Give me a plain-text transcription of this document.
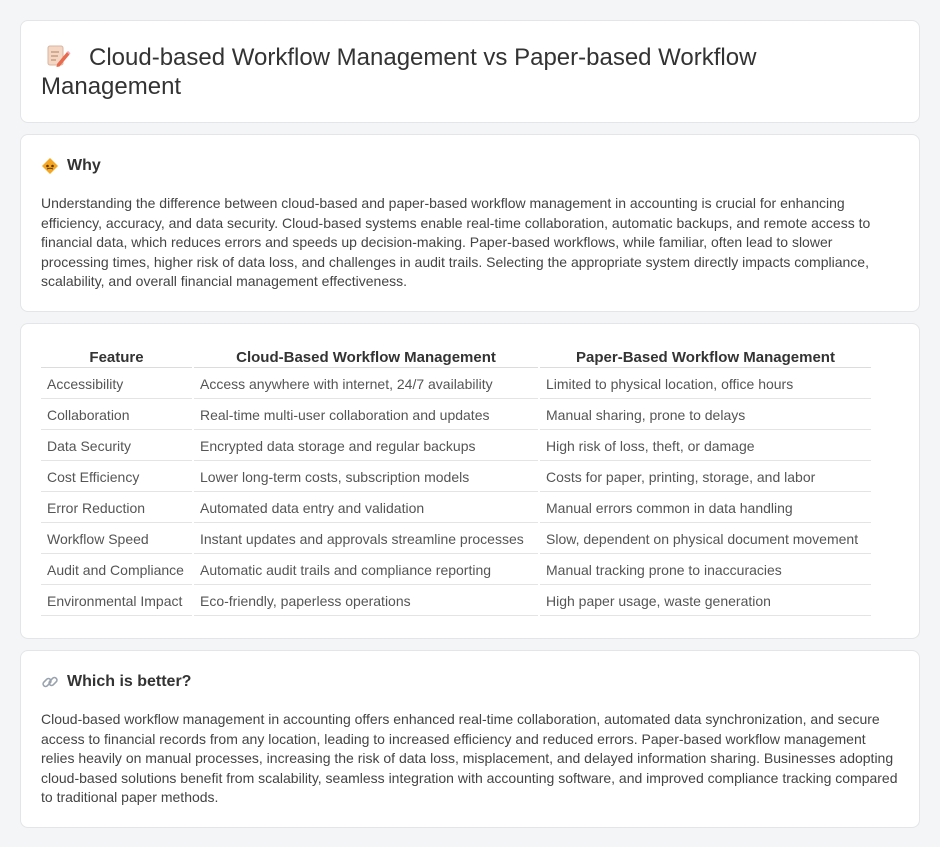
Cloud-based Workflow Management vs Paper-based Workflow Management
Why

Understanding the difference between cloud-based and paper-based workflow management in accounting is crucial for enhancing efficiency, accuracy, and data security. Cloud-based systems enable real-time collaboration, automatic backups, and remote access to financial data, which reduces errors and speeds up decision-making. Paper-based workflows, while familiar, often lead to slower processing times, higher risk of data loss, and challenges in audit trails. Selecting the appropriate system directly impacts compliance, scalability, and overall financial management effectiveness.

Feature	Cloud-Based Workflow Management	Paper-Based Workflow Management
Accessibility	Access anywhere with internet, 24/7 availability	Limited to physical location, office hours
Collaboration	Real-time multi-user collaboration and updates	Manual sharing, prone to delays
Data Security	Encrypted data storage and regular backups	High risk of loss, theft, or damage
Cost Efficiency	Lower long-term costs, subscription models	Costs for paper, printing, storage, and labor
Error Reduction	Automated data entry and validation	Manual errors common in data handling
Workflow Speed	Instant updates and approvals streamline processes	Slow, dependent on physical document movement
Audit and Compliance	Automatic audit trails and compliance reporting	Manual tracking prone to inaccuracies
Environmental Impact	Eco-friendly, paperless operations	High paper usage, waste generation
Which is better?

Cloud-based workflow management in accounting offers enhanced real-time collaboration, automated data synchronization, and secure access to financial records from any location, leading to increased efficiency and reduced errors. Paper-based workflow management relies heavily on manual processes, increasing the risk of data loss, misplacement, and delayed information sharing. Businesses adopting cloud-based solutions benefit from scalability, seamless integration with accounting software, and improved compliance tracking compared to traditional paper methods.
